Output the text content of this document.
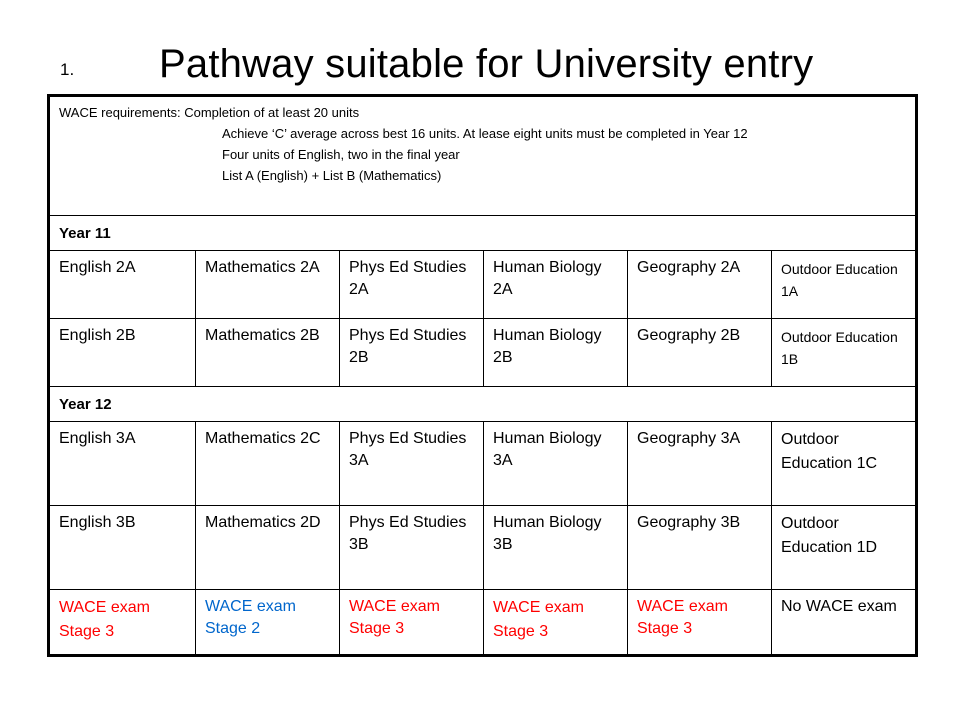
1. Pathway suitable for University entry
WACE requirements: Completion of at least 20 units
Achieve ‘C’ average across best 16 units. At lease eight units must be completed in Year 12
Four units of English, two in the final year
List A (English) + List B (Mathematics)					

Year 11					

English 2A	Mathematics 2A	Phys Ed Studies 2A	Human Biology 2A	Geography 2A	Outdoor Education 1A

English 2B	Mathematics 2B	Phys Ed Studies 2B	Human Biology 2B	Geography 2B	Outdoor Education 1B

Year 12					

English 3A	Mathematics 2C	Phys Ed Studies 3A	Human Biology 3A	Geography 3A	Outdoor Education 1C

English 3B	Mathematics 2D	Phys Ed Studies 3B	Human Biology 3B	Geography 3B	Outdoor Education 1D

WACE exam Stage 3	WACE exam Stage 2	WACE exam Stage 3	WACE exam Stage 3	WACE exam Stage 3	No WACE exam
